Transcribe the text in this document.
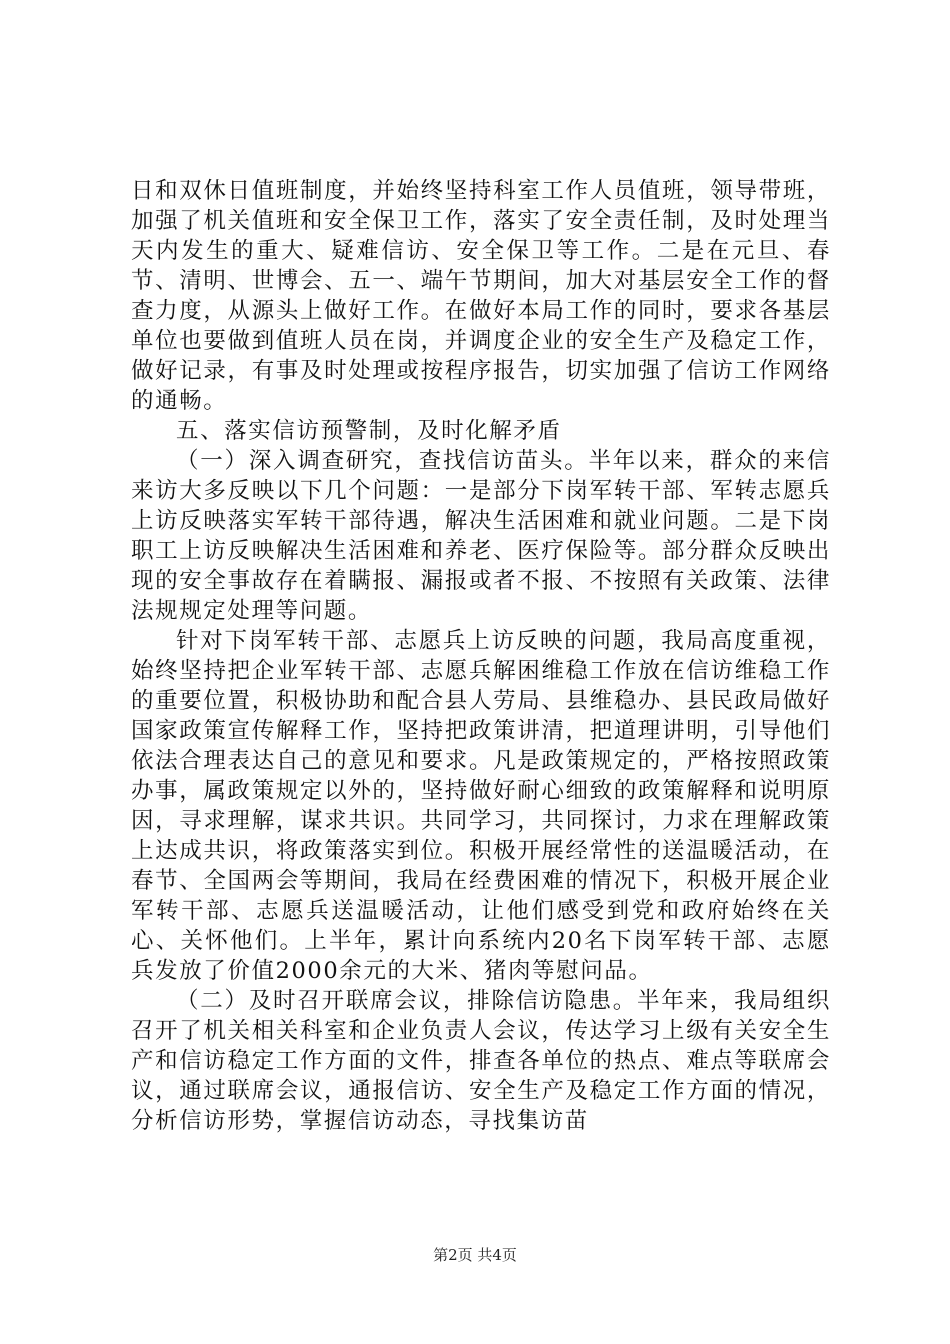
日和双休日值班制度，并始终坚持科室工作人员值班，领导带班，加强了机关值班和安全保卫工作，落实了安全责任制，及时处理当天内发生的重大、疑难信访、安全保卫等工作。二是在元旦、春节、清明、世博会、五一、端午节期间，加大对基层安全工作的督查力度，从源头上做好工作。在做好本局工作的同时，要求各基层单位也要做到值班人员在岗，并调度企业的安全生产及稳定工作，做好记录，有事及时处理或按程序报告，切实加强了信访工作网络的通畅。

五、落实信访预警制，及时化解矛盾

（一）深入调查研究，查找信访苗头。半年以来，群众的来信来访大多反映以下几个问题：一是部分下岗军转干部、军转志愿兵上访反映落实军转干部待遇，解决生活困难和就业问题。二是下岗职工上访反映解决生活困难和养老、医疗保险等。部分群众反映出现的安全事故存在着瞒报、漏报或者不报、不按照有关政策、法律法规规定处理等问题。

针对下岗军转干部、志愿兵上访反映的问题，我局高度重视，始终坚持把企业军转干部、志愿兵解困维稳工作放在信访维稳工作的重要位置，积极协助和配合县人劳局、县维稳办、县民政局做好国家政策宣传解释工作，坚持把政策讲清，把道理讲明，引导他们依法合理表达自己的意见和要求。凡是政策规定的，严格按照政策办事，属政策规定以外的，坚持做好耐心细致的政策解释和说明原因，寻求理解，谋求共识。共同学习，共同探讨，力求在理解政策上达成共识，将政策落实到位。积极开展经常性的送温暖活动，在春节、全国两会等期间，我局在经费困难的情况下，积极开展企业军转干部、志愿兵送温暖活动，让他们感受到党和政府始终在关心、关怀他们。上半年，累计向系统内20名下岗军转干部、志愿兵发放了价值2000余元的大米、猪肉等慰问品。

（二）及时召开联席会议，排除信访隐患。半年来，我局组织召开了机关相关科室和企业负责人会议，传达学习上级有关安全生产和信访稳定工作方面的文件，排查各单位的热点、难点等联席会议，通过联席会议，通报信访、安全生产及稳定工作方面的情况，分析信访形势，掌握信访动态，寻找集访苗

第2页 共4页
